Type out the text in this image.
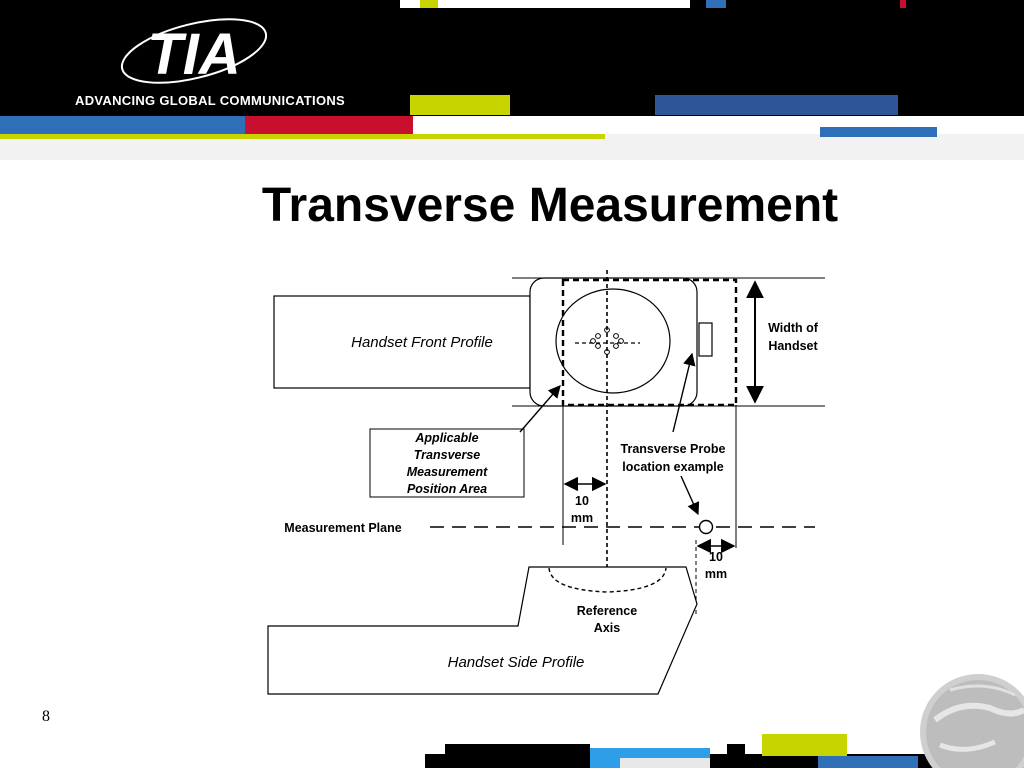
TIA
ADVANCING GLOBAL COMMUNICATIONS
Transverse Measurement
Width of
Handset
Handset Front Profile
Applicable
Transverse
Measurement
Position Area
Transverse Probe
location example
10
mm
Measurement Plane
10
mm
Reference
Axis
Handset Side Profile
8
